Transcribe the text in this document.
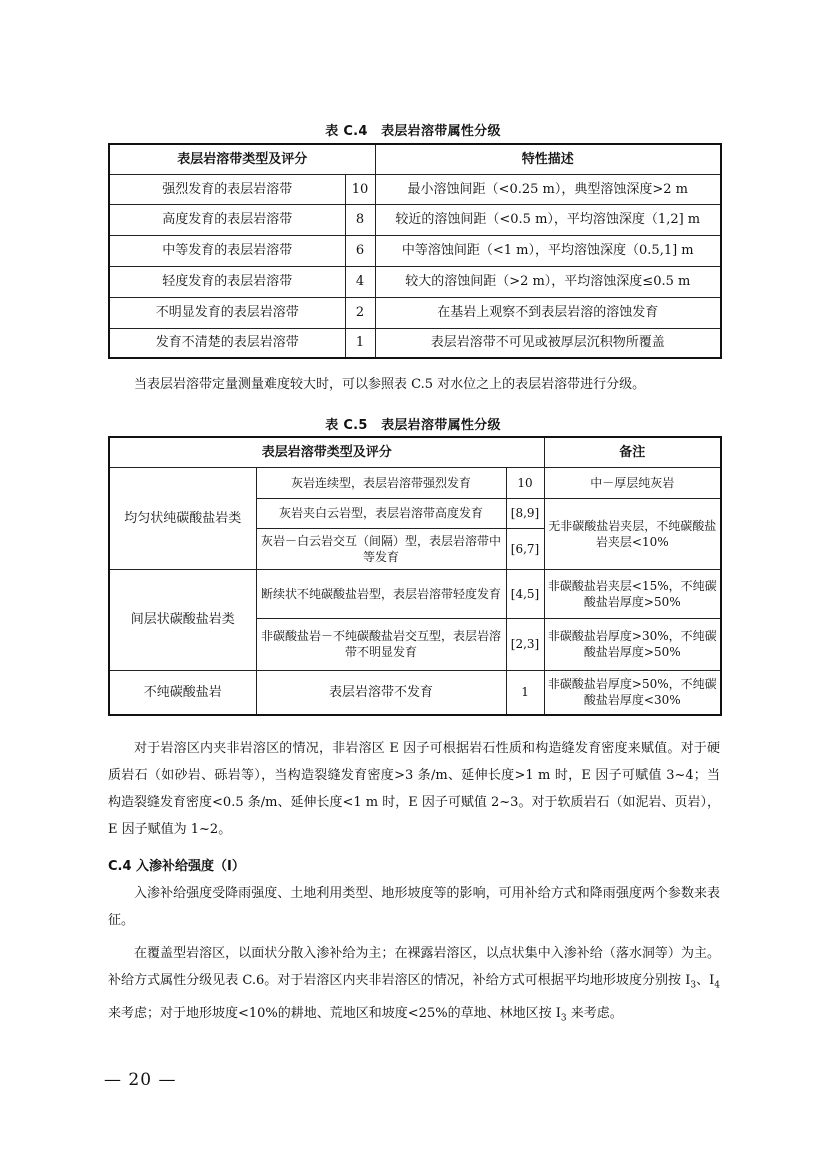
表 C.4　表层岩溶带属性分级
表层岩溶带类型及评分		特性描述
强烈发育的表层岩溶带	10	最小溶蚀间距（<0.25 m），典型溶蚀深度>2 m
高度发育的表层岩溶带	8	较近的溶蚀间距（<0.5 m），平均溶蚀深度（1,2] m
中等发育的表层岩溶带	6	中等溶蚀间距（<1 m），平均溶蚀深度（0.5,1] m
轻度发育的表层岩溶带	4	较大的溶蚀间距（>2 m），平均溶蚀深度≤0.5 m
不明显发育的表层岩溶带	2	在基岩上观察不到表层岩溶的溶蚀发育
发育不清楚的表层岩溶带	1	表层岩溶带不可见或被厚层沉积物所覆盖

当表层岩溶带定量测量难度较大时，可以参照表 C.5 对水位之上的表层岩溶带进行分级。

表 C.5　表层岩溶带属性分级
表层岩溶带类型及评分			备注
均匀状纯碳酸盐岩类	灰岩连续型，表层岩溶带强烈发育	10	中－厚层纯灰岩
	灰岩夹白云岩型，表层岩溶带高度发育	[8,9]	无非碳酸盐岩夹层，不纯碳酸盐岩夹层<10%
	灰岩－白云岩交互（间隔）型，表层岩溶带中等发育	[6,7]	
间层状碳酸盐岩类	断续状不纯碳酸盐岩型，表层岩溶带轻度发育	[4,5]	非碳酸盐岩夹层<15%，不纯碳酸盐岩厚度>50%
	非碳酸盐岩－不纯碳酸盐岩交互型，表层岩溶带不明显发育	[2,3]	非碳酸盐岩厚度>30%，不纯碳酸盐岩厚度>50%
不纯碳酸盐岩	表层岩溶带不发育	1	非碳酸盐岩厚度>50%，不纯碳酸盐岩厚度<30%

对于岩溶区内夹非岩溶区的情况，非岩溶区 E 因子可根据岩石性质和构造缝发育密度来赋值。对于硬质岩石（如砂岩、砾岩等），当构造裂缝发育密度>3 条/m、延伸长度>1 m 时，E 因子可赋值 3~4；当构造裂缝发育密度<0.5 条/m、延伸长度<1 m 时，E 因子可赋值 2~3。对于软质岩石（如泥岩、页岩），E 因子赋值为 1~2。

C.4 入渗补给强度（I）

入渗补给强度受降雨强度、土地利用类型、地形坡度等的影响，可用补给方式和降雨强度两个参数来表征。

在覆盖型岩溶区，以面状分散入渗补给为主；在裸露岩溶区，以点状集中入渗补给（落水洞等）为主。补给方式属性分级见表 C.6。对于岩溶区内夹非岩溶区的情况，补给方式可根据平均地形坡度分别按 $I_3$、$I_4$ 来考虑；对于地形坡度<10%的耕地、荒地区和坡度<25%的草地、林地区按 $I_3$ 来考虑。

— 20 —
